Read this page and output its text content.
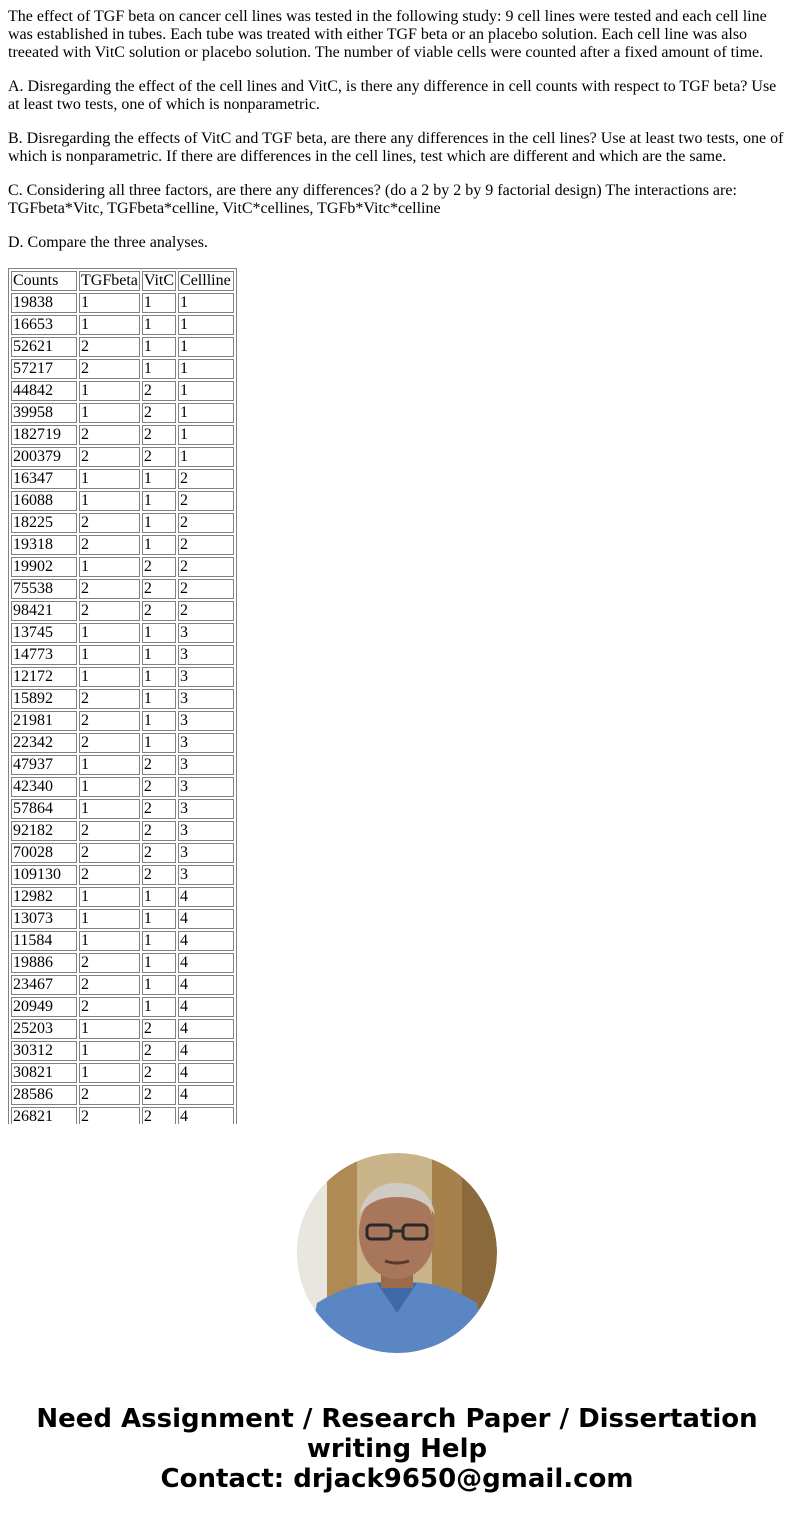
The effect of TGF beta on cancer cell lines was tested in the following study: 9 cell lines were tested and each cell line was established in tubes. Each tube was treated with either TGF beta or an placebo solution. Each cell line was also treeated with VitC solution or placebo solution. The number of viable cells were counted after a fixed amount of time.

A. Disregarding the effect of the cell lines and VitC, is there any difference in cell counts with respect to TGF beta? Use at least two tests, one of which is nonparametric.

B. Disregarding the effects of VitC and TGF beta, are there any differences in the cell lines? Use at least two tests, one of which is nonparametric. If there are differences in the cell lines, test which are different and which are the same.

C. Considering all three factors, are there any differences? (do a 2 by 2 by 9 factorial design) The interactions are: TGFbeta*Vitc, TGFbeta*celline, VitC*cellines, TGFb*Vitc*celline

D. Compare the three analyses.

Counts	TGFbeta	VitC	Cellline
19838	1	1	1
16653	1	1	1
52621	2	1	1
57217	2	1	1
44842	1	2	1
39958	1	2	1
182719	2	2	1
200379	2	2	1
16347	1	1	2
16088	1	1	2
18225	2	1	2
19318	2	1	2
19902	1	2	2
75538	2	2	2
98421	2	2	2
13745	1	1	3
14773	1	1	3
12172	1	1	3
15892	2	1	3
21981	2	1	3
22342	2	1	3
47937	1	2	3
42340	1	2	3
57864	1	2	3
92182	2	2	3
70028	2	2	3
109130	2	2	3
12982	1	1	4
13073	1	1	4
11584	1	1	4
19886	2	1	4
23467	2	1	4
20949	2	1	4
25203	1	2	4
30312	1	2	4
30821	1	2	4
28586	2	2	4
26821	2	2	4
Need Assignment / Research Paper / Dissertation
writing Help
Contact: drjack9650@gmail.com
